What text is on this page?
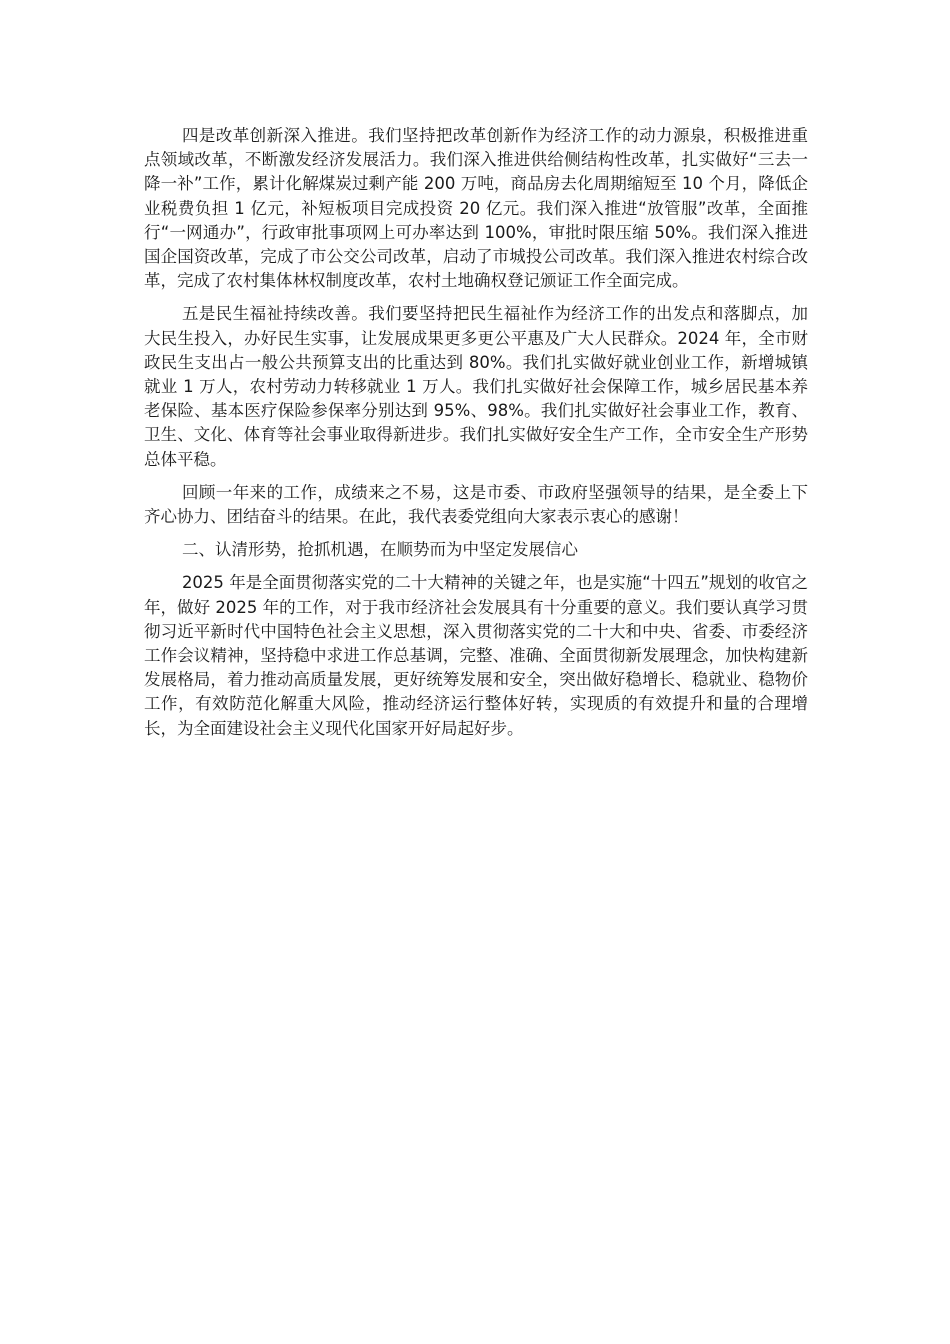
四是改革创新深入推进。我们坚持把改革创新作为经济工作的动力源泉，积极推进重点领域改革，不断激发经济发展活力。我们深入推进供给侧结构性改革，扎实做好“三去一降一补”工作，累计化解煤炭过剩产能 200 万吨，商品房去化周期缩短至 10 个月，降低企业税费负担 1 亿元，补短板项目完成投资 20 亿元。我们深入推进“放管服”改革，全面推行“一网通办”，行政审批事项网上可办率达到 100%，审批时限压缩 50%。我们深入推进国企国资改革，完成了市公交公司改革，启动了市城投公司改革。我们深入推进农村综合改革，完成了农村集体林权制度改革，农村土地确权登记颁证工作全面完成。

五是民生福祉持续改善。我们要坚持把民生福祉作为经济工作的出发点和落脚点，加大民生投入，办好民生实事，让发展成果更多更公平惠及广大人民群众。2024 年，全市财政民生支出占一般公共预算支出的比重达到 80%。我们扎实做好就业创业工作，新增城镇就业 1 万人，农村劳动力转移就业 1 万人。我们扎实做好社会保障工作，城乡居民基本养老保险、基本医疗保险参保率分别达到 95%、98%。我们扎实做好社会事业工作，教育、卫生、文化、体育等社会事业取得新进步。我们扎实做好安全生产工作，全市安全生产形势总体平稳。

回顾一年来的工作，成绩来之不易，这是市委、市政府坚强领导的结果，是全委上下齐心协力、团结奋斗的结果。在此，我代表委党组向大家表示衷心的感谢！

二、认清形势，抢抓机遇，在顺势而为中坚定发展信心

2025 年是全面贯彻落实党的二十大精神的关键之年，也是实施“十四五”规划的收官之年，做好 2025 年的工作，对于我市经济社会发展具有十分重要的意义。我们要认真学习贯彻习近平新时代中国特色社会主义思想，深入贯彻落实党的二十大和中央、省委、市委经济工作会议精神，坚持稳中求进工作总基调，完整、准确、全面贯彻新发展理念，加快构建新发展格局，着力推动高质量发展，更好统筹发展和安全，突出做好稳增长、稳就业、稳物价工作，有效防范化解重大风险，推动经济运行整体好转，实现质的有效提升和量的合理增长，为全面建设社会主义现代化国家开好局起好步。
